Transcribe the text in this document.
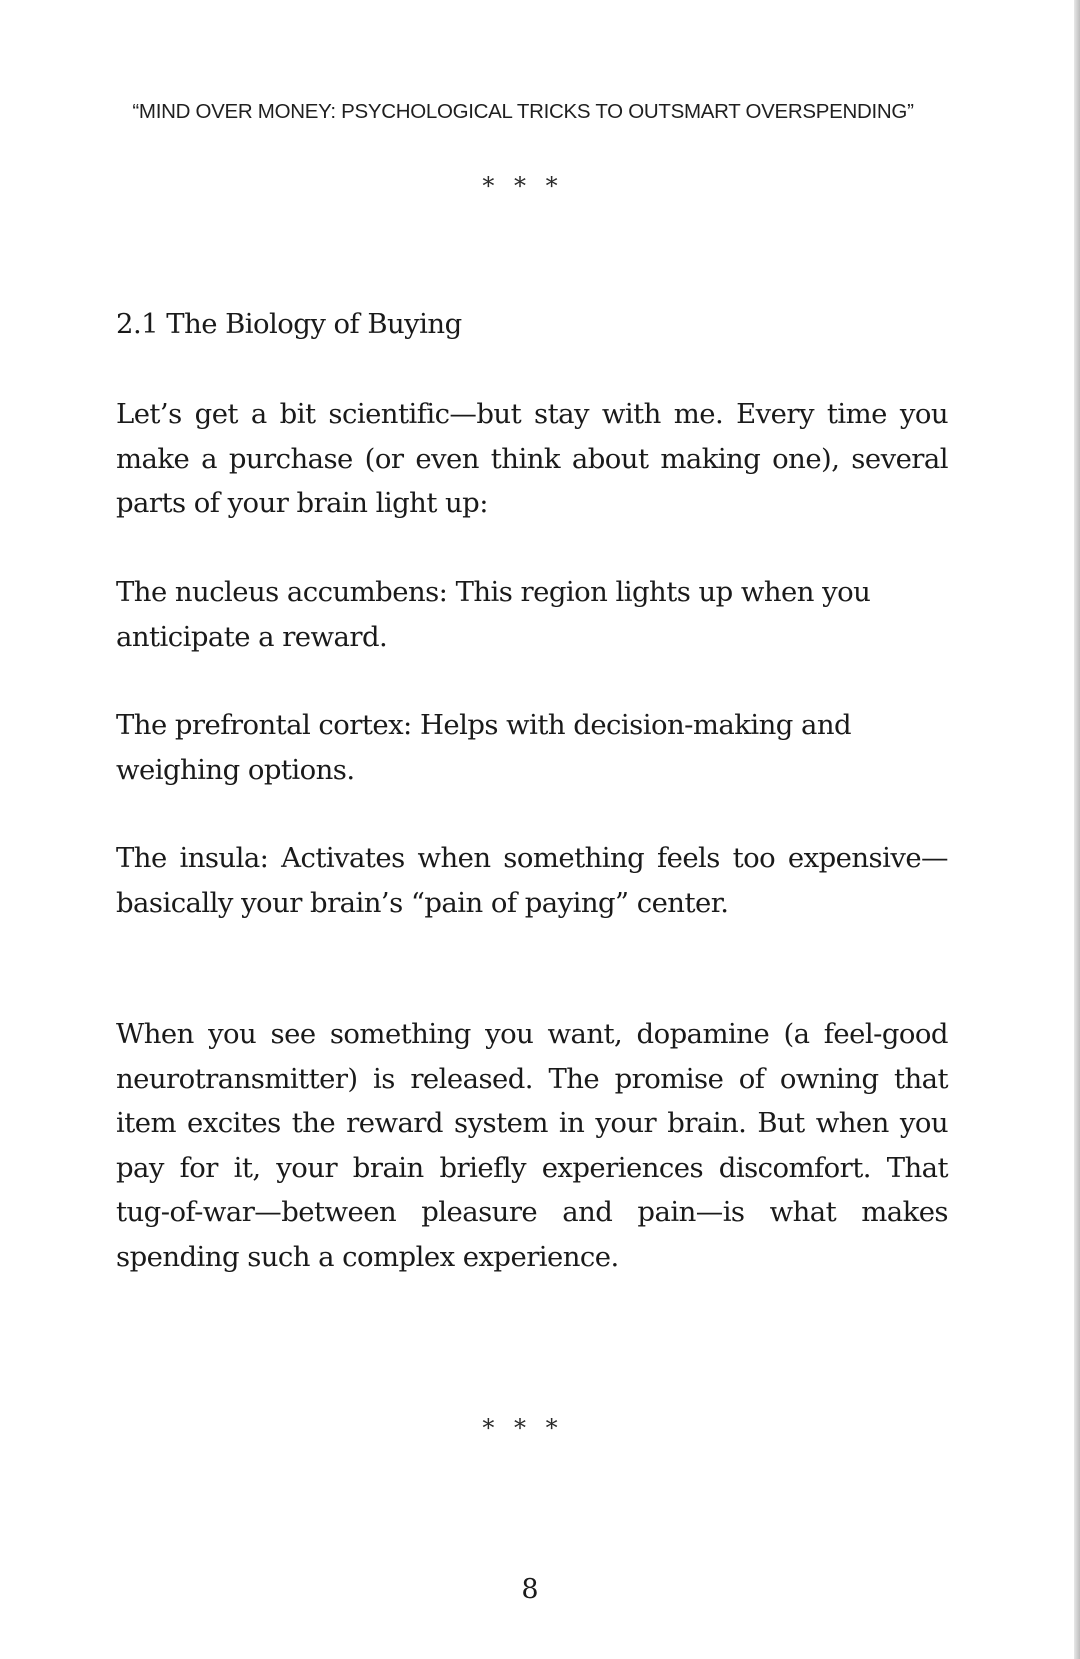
“MIND OVER MONEY: PSYCHOLOGICAL TRICKS TO OUTSMART OVERSPENDING”
* * *
2.1 The Biology of Buying
Let’s get a bit scientific—but stay with me. Every time you make a purchase (or even think about making one), several parts of your brain light up:
The nucleus accumbens: This region lights up when you anticipate a reward.
The prefrontal cortex: Helps with decision-making and weighing options.
The insula: Activates when something feels too expensive—basically your brain’s “pain of paying” center.
When you see something you want, dopamine (a feel-good neurotransmitter) is released. The promise of owning that item excites the reward system in your brain. But when you pay for it, your brain briefly experiences discomfort. That tug-of-war—between pleasure and pain—is what makes spending such a complex experience.
* * *
8
